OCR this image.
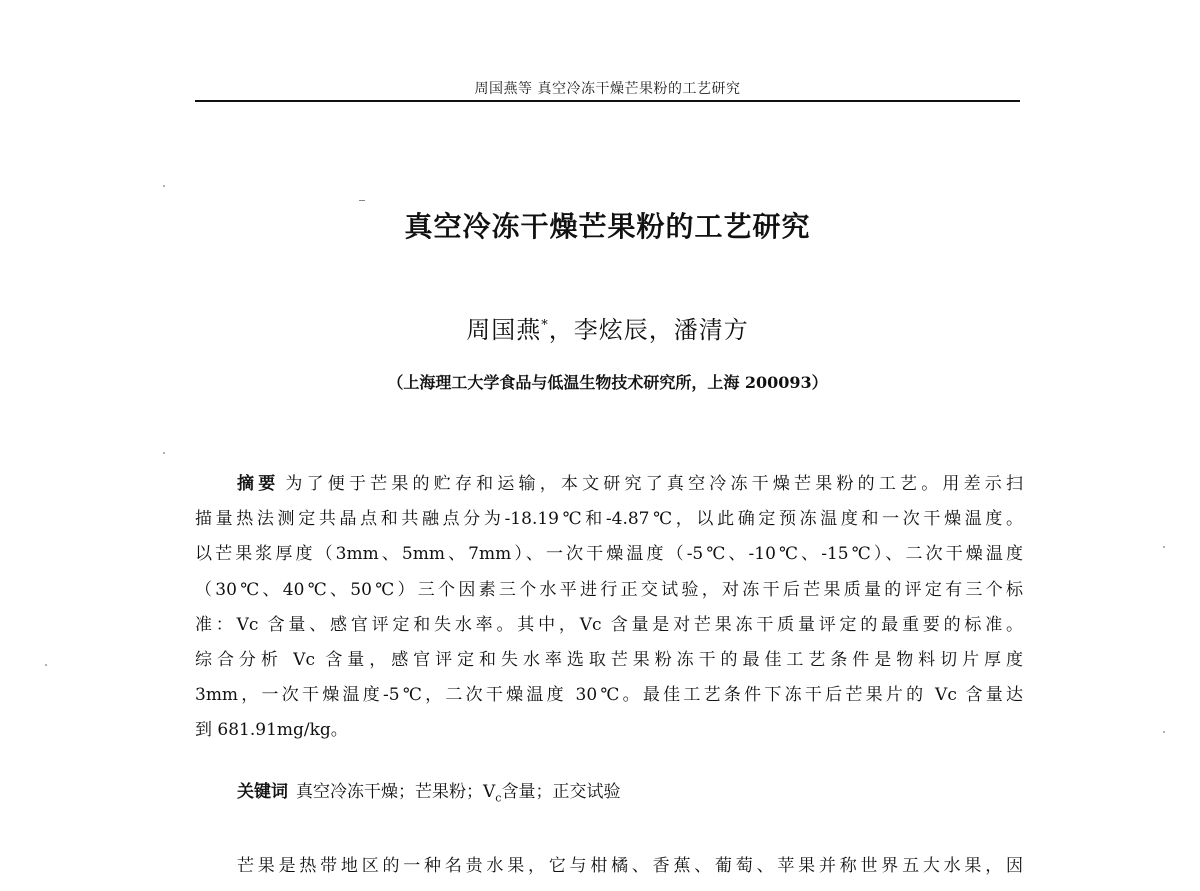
周国燕等 真空冷冻干燥芒果粉的工艺研究
真空冷冻干燥芒果粉的工艺研究
周国燕*，李炫辰，潘清方
（上海理工大学食品与低温生物技术研究所，上海 200093）
摘要 为了便于芒果的贮存和运输，本文研究了真空冷冻干燥芒果粉的工艺。用差示扫
描量热法测定共晶点和共融点分为-18.19℃和-4.87℃，以此确定预冻温度和一次干燥温度。
以芒果浆厚度（3mm、5mm、7mm）、一次干燥温度（-5℃、-10℃、-15℃）、二次干燥温度
（30℃、40℃、50℃）三个因素三个水平进行正交试验，对冻干后芒果质量的评定有三个标
准：Vc 含量、感官评定和失水率。其中，Vc 含量是对芒果冻干质量评定的最重要的标准。
综合分析 Vc 含量，感官评定和失水率选取芒果粉冻干的最佳工艺条件是物料切片厚度
3mm，一次干燥温度-5℃，二次干燥温度 30℃。最佳工艺条件下冻干后芒果片的 Vc 含量达
到 681.91mg/kg。
关键词 真空冷冻干燥；芒果粉；$V_c$含量；正交试验
芒果是热带地区的一种名贵水果，它与柑橘、香蕉、葡萄、苹果并称世界五大水果，因
